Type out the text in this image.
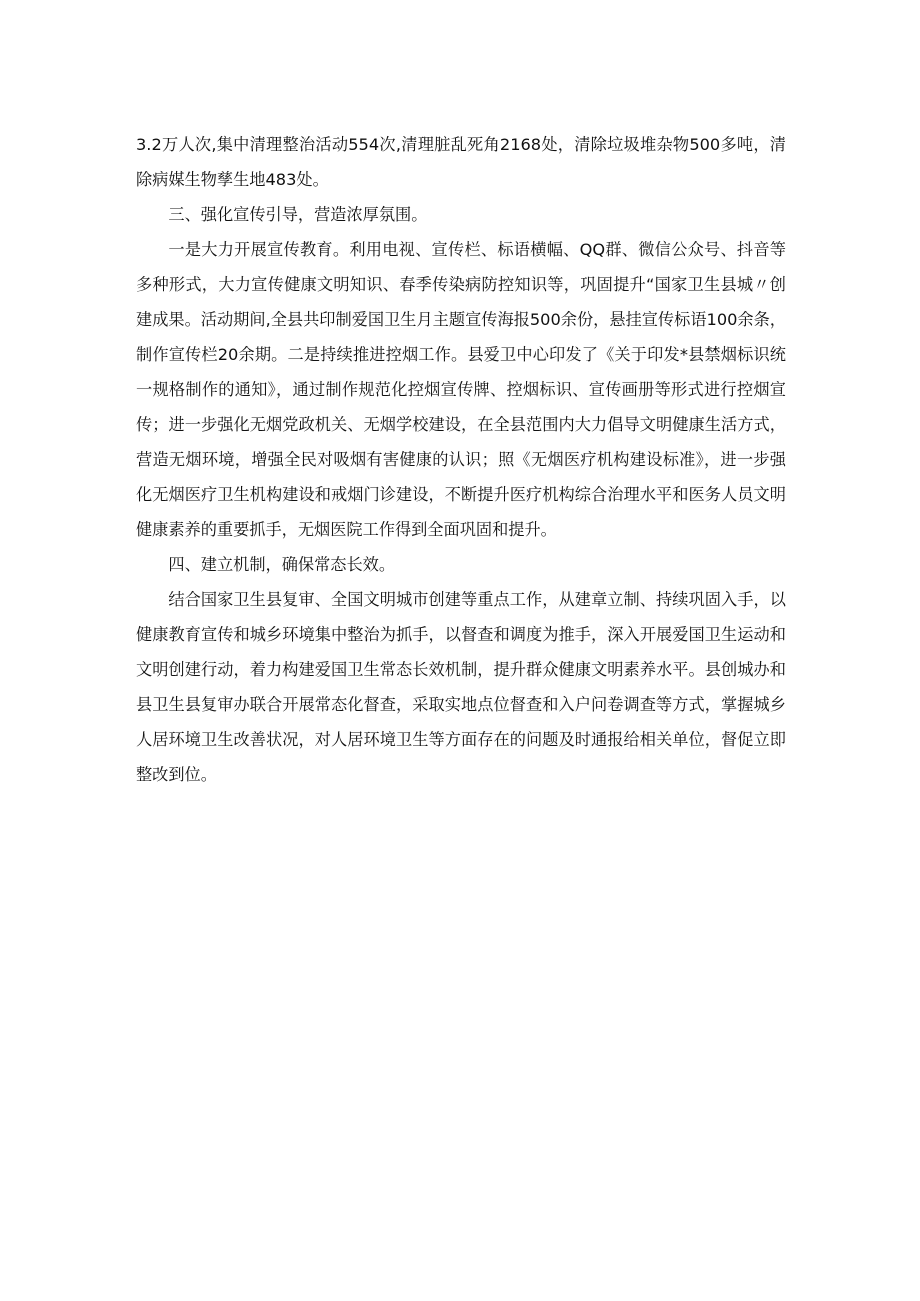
3.2万人次,集中清理整治活动554次,清理脏乱死角2168处，清除垃圾堆杂物500多吨，清除病媒生物孳生地483处。

三、强化宣传引导，营造浓厚氛围。

一是大力开展宣传教育。利用电视、宣传栏、标语横幅、QQ群、微信公众号、抖音等多种形式，大力宣传健康文明知识、春季传染病防控知识等，巩固提升“国家卫生县城〃创建成果。活动期间,全县共印制爱国卫生月主题宣传海报500余份，悬挂宣传标语100余条，制作宣传栏20余期。二是持续推进控烟工作。县爱卫中心印发了《关于印发*县禁烟标识统一规格制作的通知》，通过制作规范化控烟宣传牌、控烟标识、宣传画册等形式进行控烟宣传；进一步强化无烟党政机关、无烟学校建设，在全县范围内大力倡导文明健康生活方式，营造无烟环境，增强全民对吸烟有害健康的认识；照《无烟医疗机构建设标准》，进一步强化无烟医疗卫生机构建设和戒烟门诊建设，不断提升医疗机构综合治理水平和医务人员文明健康素养的重要抓手，无烟医院工作得到全面巩固和提升。

四、建立机制，确保常态长效。

结合国家卫生县复审、全国文明城市创建等重点工作，从建章立制、持续巩固入手，以健康教育宣传和城乡环境集中整治为抓手，以督查和调度为推手，深入开展爱国卫生运动和文明创建行动，着力构建爱国卫生常态长效机制，提升群众健康文明素养水平。县创城办和县卫生县复审办联合开展常态化督查，采取实地点位督查和入户问卷调查等方式，掌握城乡人居环境卫生改善状况，对人居环境卫生等方面存在的问题及时通报给相关单位，督促立即整改到位。
